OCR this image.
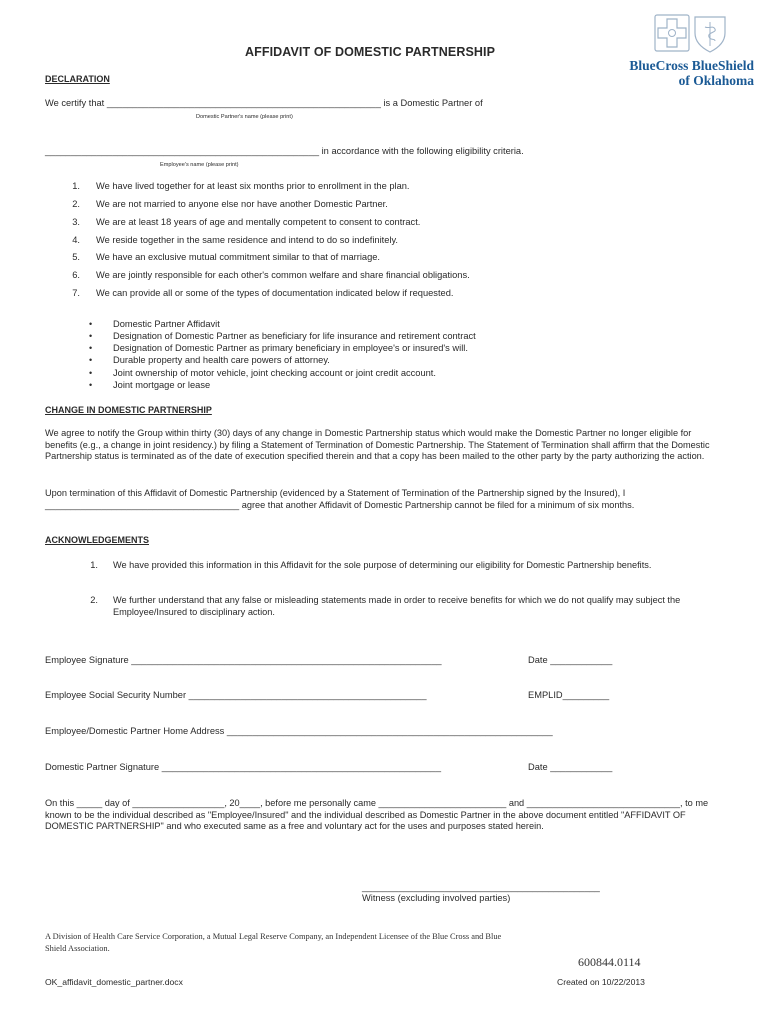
BlueCross BlueShield
of Oklahoma
AFFIDAVIT OF DOMESTIC PARTNERSHIP
DECLARATION
We certify that _____________________________________________________ is a Domestic Partner of
Domestic Partner's name (please print)
_____________________________________________________ in accordance with the following eligibility criteria.
Employee's name (please print)
1. We have lived together for at least six months prior to enrollment in the plan.
2. We are not married to anyone else nor have another Domestic Partner.
3. We are at least 18 years of age and mentally competent to consent to contract.
4. We reside together in the same residence and intend to do so indefinitely.
5. We have an exclusive mutual commitment similar to that of marriage.
6. We are jointly responsible for each other's common welfare and share financial obligations.
7. We can provide all or some of the types of documentation indicated below if requested.
• Domestic Partner Affidavit
• Designation of Domestic Partner as beneficiary for life insurance and retirement contract
• Designation of Domestic Partner as primary beneficiary in employee's or insured's will.
• Durable property and health care powers of attorney.
• Joint ownership of motor vehicle, joint checking account or joint credit account.
• Joint mortgage or lease
CHANGE IN DOMESTIC PARTNERSHIP
We agree to notify the Group within thirty (30) days of any change in Domestic Partnership status which would make the Domestic Partner no longer eligible for benefits (e.g., a change in joint residency.) by filing a Statement of Termination of Domestic Partnership. The Statement of Termination shall affirm that the Domestic Partnership status is terminated as of the date of execution specified therein and that a copy has been mailed to the other party by the party authorizing the action.
Upon termination of this Affidavit of Domestic Partnership (evidenced by a Statement of Termination of the Partnership signed by the Insured), I ______________________________________ agree that another Affidavit of Domestic Partnership cannot be filed for a minimum of six months.
ACKNOWLEDGEMENTS
1. We have provided this information in this Affidavit for the sole purpose of determining our eligibility for Domestic Partnership benefits.
2. We further understand that any false or misleading statements made in order to receive benefits for which we do not qualify may subject the Employee/Insured to disciplinary action.
Employee Signature ____________________________________________________________	Date ____________
Employee Social Security Number ______________________________________________	EMPLID_________
Employee/Domestic Partner Home Address _______________________________________________________________
Domestic Partner Signature ______________________________________________________	Date ____________
On this _____ day of __________________, 20____, before me personally came _________________________ and ______________________________, to me known to be the individual described as "Employee/Insured" and the individual described as Domestic Partner in the above document entitled "AFFIDAVIT OF DOMESTIC PARTNERSHIP" and who executed same as a free and voluntary act for the uses and purposes stated herein.
______________________________________________
Witness (excluding involved parties)
A Division of Health Care Service Corporation, a Mutual Legal Reserve Company, an Independent Licensee of the Blue Cross and Blue Shield Association.
600844.0114
OK_affidavit_domestic_partner.docx	Created on 10/22/2013
